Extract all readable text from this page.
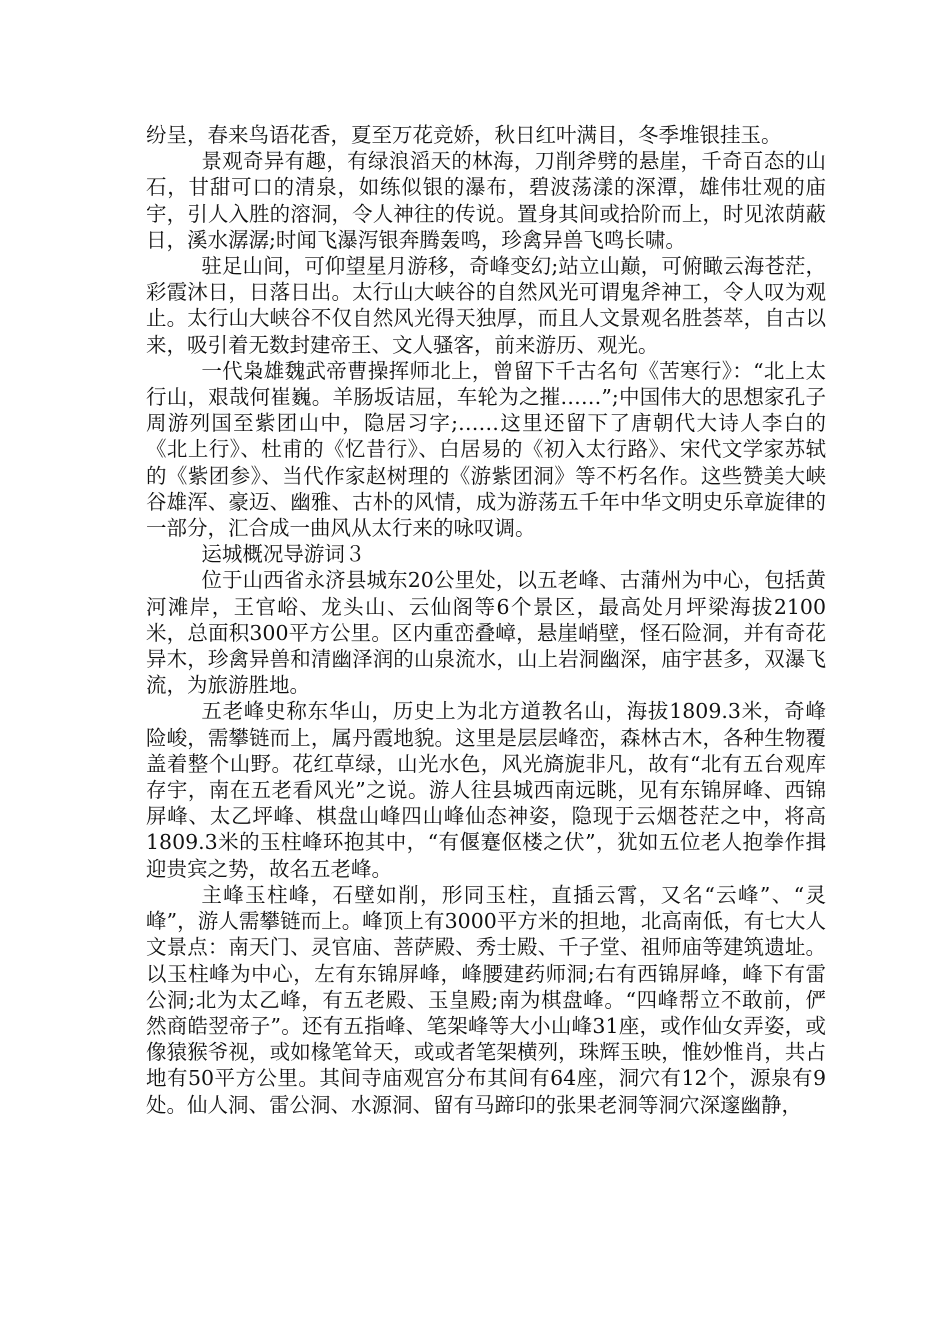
纷呈，春来鸟语花香，夏至万花竞娇，秋日红叶满目，冬季堆银挂玉。

景观奇异有趣，有绿浪滔天的林海，刀削斧劈的悬崖，千奇百态的山石，甘甜可口的清泉，如练似银的瀑布，碧波荡漾的深潭，雄伟壮观的庙宇，引人入胜的溶洞，令人神往的传说。置身其间或拾阶而上，时见浓荫蔽日，溪水潺潺;时闻飞瀑泻银奔腾轰鸣，珍禽异兽飞鸣长啸。

驻足山间，可仰望星月游移，奇峰变幻;站立山巅，可俯瞰云海苍茫，彩霞沐日，日落日出。太行山大峡谷的自然风光可谓鬼斧神工，令人叹为观止。太行山大峡谷不仅自然风光得天独厚，而且人文景观名胜荟萃，自古以来，吸引着无数封建帝王、文人骚客，前来游历、观光。

一代枭雄魏武帝曹操挥师北上，曾留下千古名句《苦寒行》：“北上太行山，艰哉何崔巍。羊肠坂诘屈，车轮为之摧……”;中国伟大的思想家孔子周游列国至紫团山中，隐居习字;……这里还留下了唐朝代大诗人李白的《北上行》、杜甫的《忆昔行》、白居易的《初入太行路》、宋代文学家苏轼的《紫团参》、当代作家赵树理的《游紫团洞》等不朽名作。这些赞美大峡谷雄浑、豪迈、幽雅、古朴的风情，成为游荡五千年中华文明史乐章旋律的一部分，汇合成一曲风从太行来的咏叹调。

运城概况导游词３

位于山西省永济县城东20公里处，以五老峰、古蒲州为中心，包括黄河滩岸，王官峪、龙头山、云仙阁等6个景区，最高处月坪梁海拔2100米，总面积300平方公里。区内重峦叠嶂，悬崖峭壁，怪石险洞，并有奇花异木，珍禽异兽和清幽泽润的山泉流水，山上岩洞幽深，庙宇甚多，双瀑飞流，为旅游胜地。

五老峰史称东华山，历史上为北方道教名山，海拔1809.3米，奇峰险峻，需攀链而上，属丹霞地貌。这里是层层峰峦，森林古木，各种生物覆盖着整个山野。花红草绿，山光水色，风光旖旎非凡，故有“北有五台观库存宇，南在五老看风光”之说。游人往县城西南远眺，见有东锦屏峰、西锦屏峰、太乙坪峰、棋盘山峰四山峰仙态神姿，隐现于云烟苍茫之中，将高1809.3米的玉柱峰环抱其中，“有偃蹇伛楼之伏”，犹如五位老人抱拳作揖迎贵宾之势，故名五老峰。

主峰玉柱峰，石壁如削，形同玉柱，直插云霄，又名“云峰”、“灵峰”，游人需攀链而上。峰顶上有3000平方米的担地，北高南低，有七大人文景点：南天门、灵官庙、菩萨殿、秀士殿、千子堂、祖师庙等建筑遗址。以玉柱峰为中心，左有东锦屏峰，峰腰建药师洞;右有西锦屏峰，峰下有雷公洞;北为太乙峰，有五老殿、玉皇殿;南为棋盘峰。“四峰帮立不敢前，俨然商皓翌帝子”。还有五指峰、笔架峰等大小山峰31座，或作仙女弄姿，或像猿猴爷视，或如椽笔耸天，或或者笔架横列，珠辉玉映，惟妙惟肖，共占地有50平方公里。其间寺庙观宫分布其间有64座，洞穴有12个，源泉有9处。仙人洞、雷公洞、水源洞、留有马蹄印的张果老洞等洞穴深邃幽静，
